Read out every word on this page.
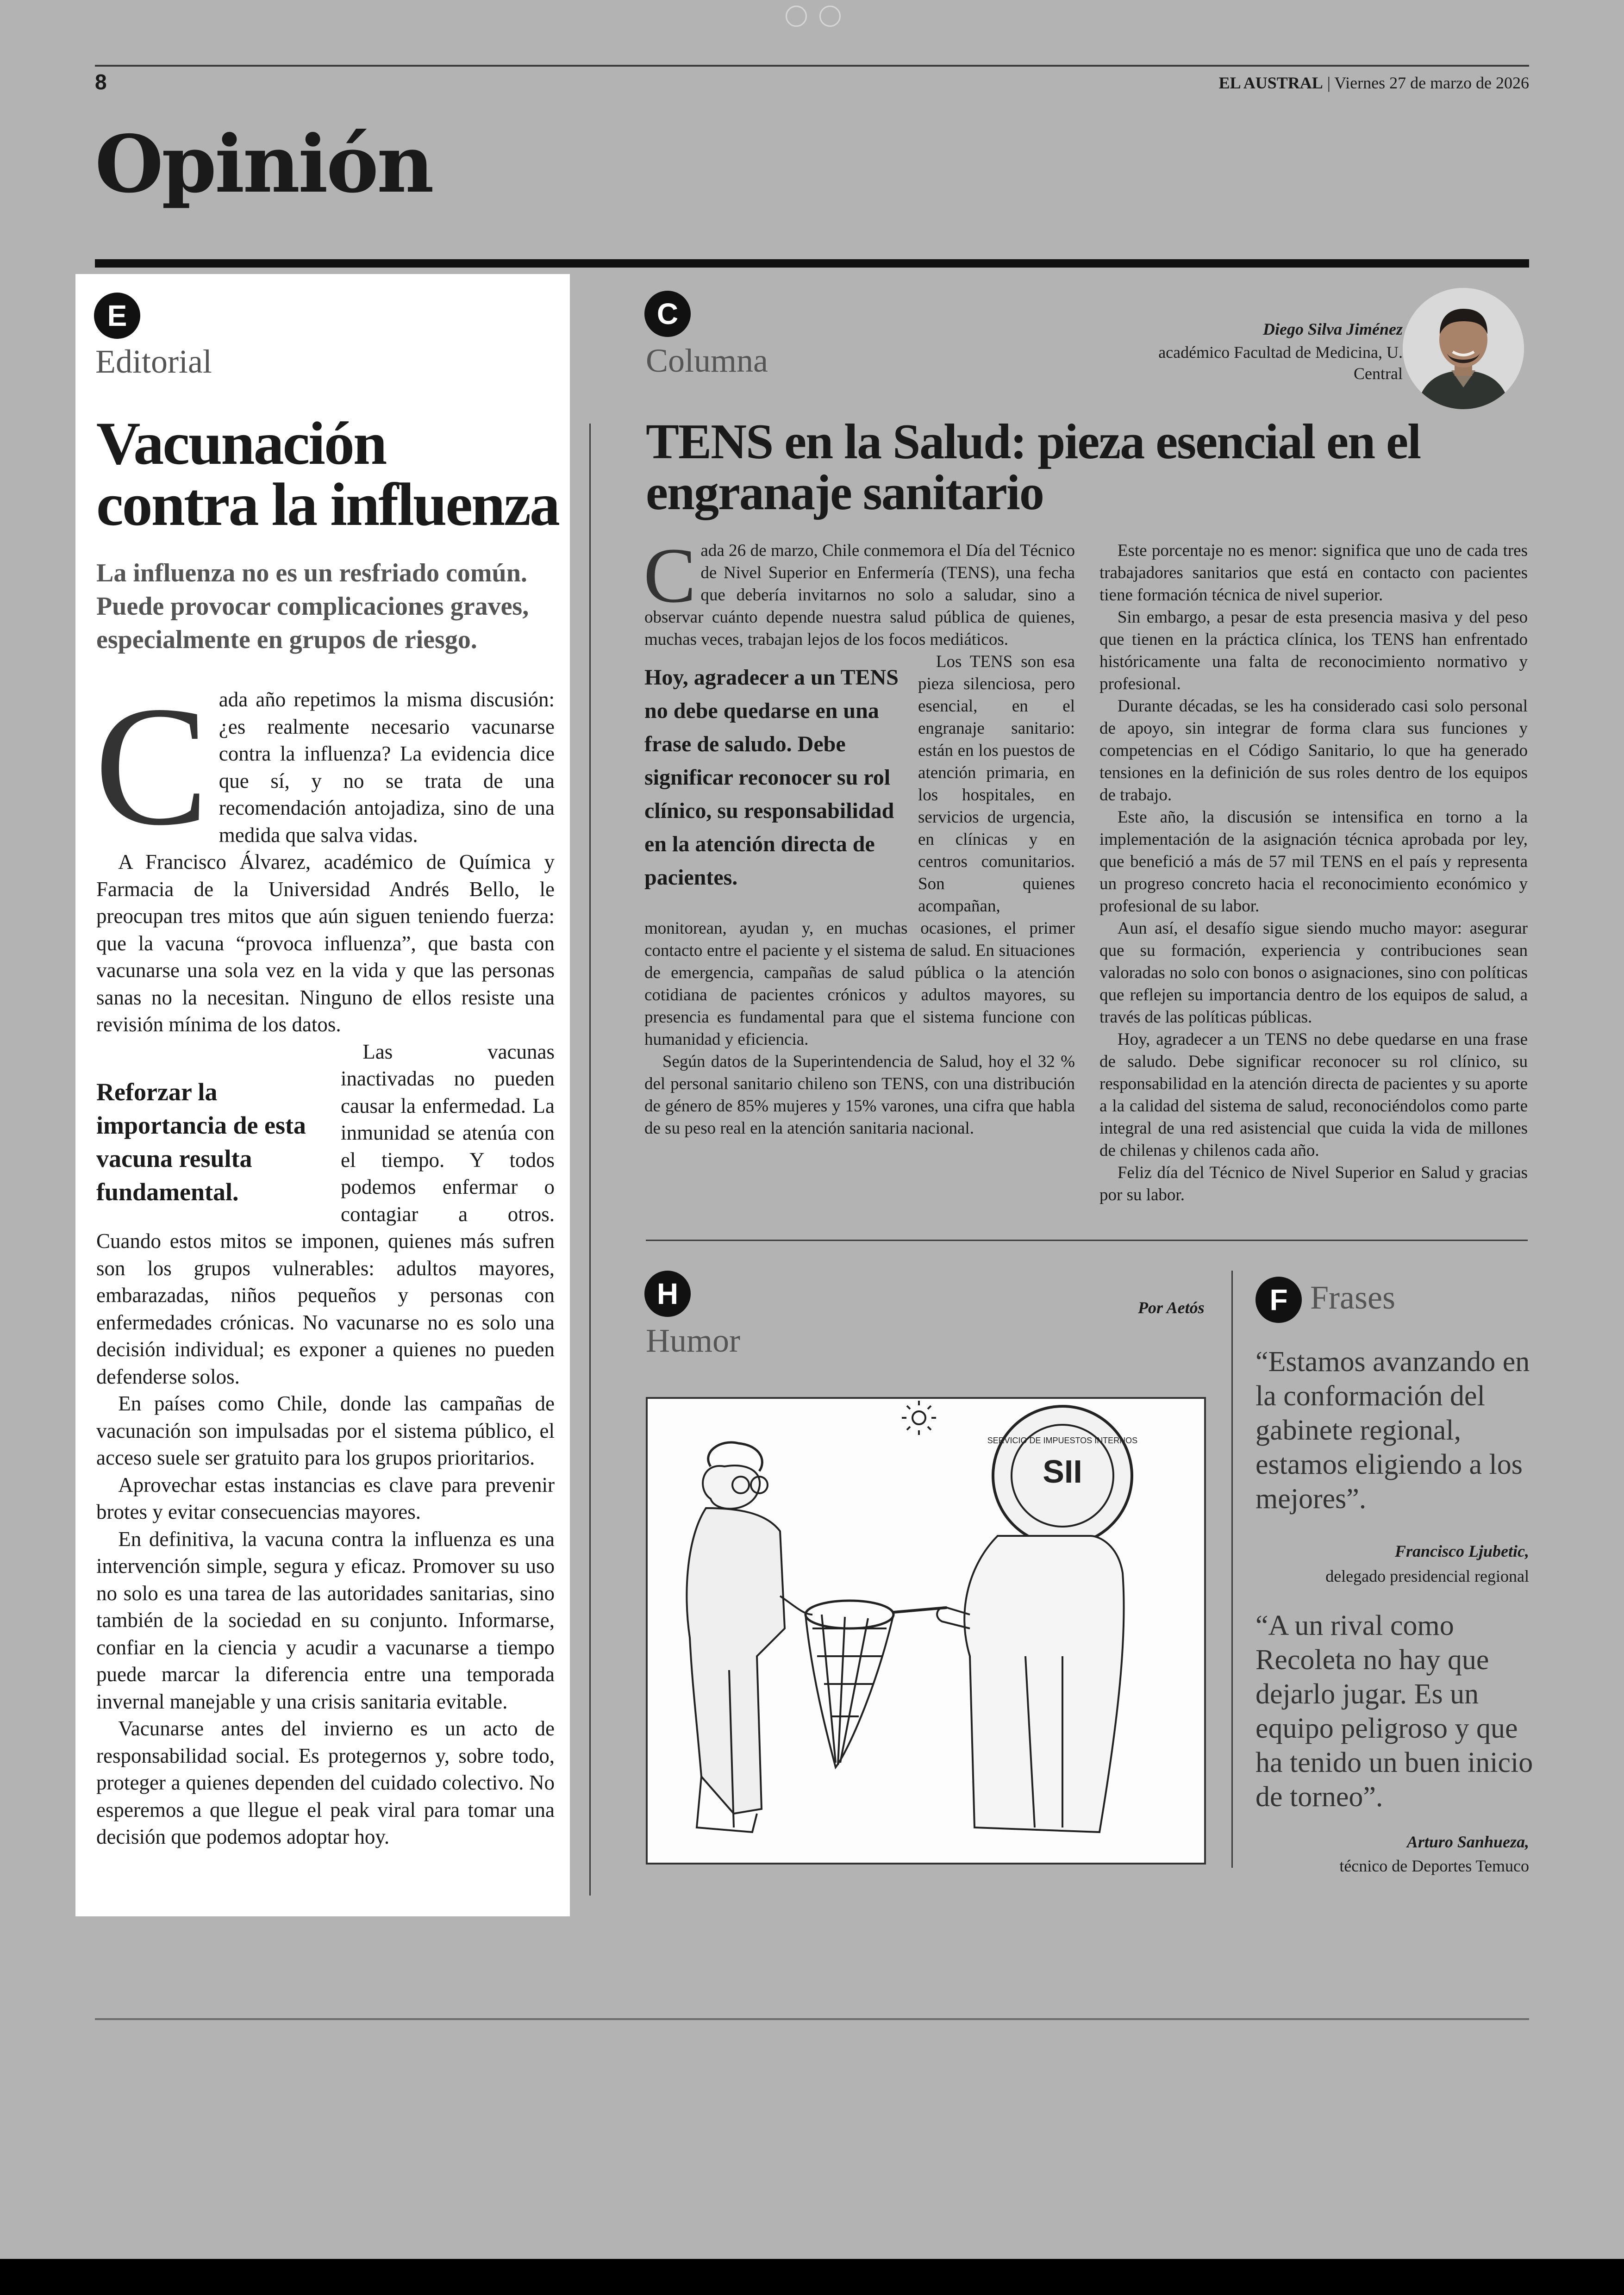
8	EL AUSTRAL | Viernes 27 de marzo de 2026
Opinión
E
Editorial
Vacunación contra la influenza

La influenza no es un resfriado común. Puede provocar complicaciones graves, especialmente en grupos de riesgo.

C ada año repetimos la misma discusión: ¿es realmente necesario vacunarse contra la influenza? La evidencia dice que sí, y no se trata de una recomendación antojadiza, sino de una medida que salva vidas.

A Francisco Álvarez, académico de Química y Farmacia de la Universidad Andrés Bello, le preocupan tres mitos que aún siguen teniendo fuerza: que la vacuna “provoca influenza”, que basta con vacunarse una sola vez en la vida y que las personas sanas no la necesitan. Ninguno de ellos resiste una revisión mínima de los datos.

Reforzar la importancia de esta vacuna resulta fundamental.

Las vacunas inactivadas no pueden causar la enfermedad. La inmunidad se atenúa con el tiempo. Y todos podemos enfermar o contagiar a otros. Cuando estos mitos se imponen, quienes más sufren son los grupos vulnerables: adultos mayores, embarazadas, niños pequeños y personas con enfermedades crónicas. No vacunarse no es solo una decisión individual; es exponer a quienes no pueden defenderse solos.

En países como Chile, donde las campañas de vacunación son impulsadas por el sistema público, el acceso suele ser gratuito para los grupos prioritarios.

Aprovechar estas instancias es clave para prevenir brotes y evitar consecuencias mayores.

En definitiva, la vacuna contra la influenza es una intervención simple, segura y eficaz. Promover su uso no solo es una tarea de las autoridades sanitarias, sino también de la sociedad en su conjunto. Informarse, confiar en la ciencia y acudir a vacunarse a tiempo puede marcar la diferencia entre una temporada invernal manejable y una crisis sanitaria evitable.

Vacunarse antes del invierno es un acto de responsabilidad social. Es protegernos y, sobre todo, proteger a quienes dependen del cuidado colectivo. No esperemos a que llegue el peak viral para tomar una decisión que podemos adoptar hoy.

C
Columna
Diego Silva Jiménez
académico Facultad de Medicina, U. Central
TENS en la Salud: pieza esencial en el engranaje sanitario
C ada 26 de marzo, Chile conmemora el Día del Técnico de Nivel Superior en Enfermería (TENS), una fecha que debería invitarnos no solo a saludar, sino a observar cuánto depende nuestra salud pública de quienes, muchas veces, trabajan lejos de los focos mediáticos.

Hoy, agradecer a un TENS no debe quedarse en una frase de saludo. Debe significar reconocer su rol clínico, su responsabilidad en la atención directa de pacientes.

Los TENS son esa pieza silenciosa, pero esencial, en el engranaje sanitario: están en los puestos de atención primaria, en los hospitales, en servicios de urgencia, en clínicas y en centros comunitarios. Son quienes acompañan, monitorean, ayudan y, en muchas ocasiones, el primer contacto entre el paciente y el sistema de salud. En situaciones de emergencia, campañas de salud pública o la atención cotidiana de pacientes crónicos y adultos mayores, su presencia es fundamental para que el sistema funcione con humanidad y eficiencia.

Según datos de la Superintendencia de Salud, hoy el 32 % del personal sanitario chileno son TENS, con una distribución de género de 85% mujeres y 15% varones, una cifra que habla de su peso real en la atención sanitaria nacional.

Este porcentaje no es menor: significa que uno de cada tres trabajadores sanitarios que está en contacto con pacientes tiene formación técnica de nivel superior.

Sin embargo, a pesar de esta presencia masiva y del peso que tienen en la práctica clínica, los TENS han enfrentado históricamente una falta de reconocimiento normativo y profesional.

Durante décadas, se les ha considerado casi solo personal de apoyo, sin integrar de forma clara sus funciones y competencias en el Código Sanitario, lo que ha generado tensiones en la definición de sus roles dentro de los equipos de trabajo.

Este año, la discusión se intensifica en torno a la implementación de la asignación técnica aprobada por ley, que benefició a más de 57 mil TENS en el país y representa un progreso concreto hacia el reconocimiento económico y profesional de su labor.

Aun así, el desafío sigue siendo mucho mayor: asegurar que su formación, experiencia y contribuciones sean valoradas no solo con bonos o asignaciones, sino con políticas que reflejen su importancia dentro de los equipos de salud, a través de las políticas públicas.

Hoy, agradecer a un TENS no debe quedarse en una frase de saludo. Debe significar reconocer su rol clínico, su responsabilidad en la atención directa de pacientes y su aporte a la calidad del sistema de salud, reconociéndolos como parte integral de una red asistencial que cuida la vida de millones de chilenas y chilenos cada año.

Feliz día del Técnico de Nivel Superior en Salud y gracias por su labor.

H
Humor
Por Aetós
SII
SERVICIO DE IMPUESTOS INTERNOS
F Frases

“Estamos avanzando en la conformación del gabinete regional, estamos eligiendo a los mejores”.

Francisco Ljubetic,
delegado presidencial regional

“A un rival como Recoleta no hay que dejarlo jugar. Es un equipo peligroso y que ha tenido un buen inicio de torneo”.

Arturo Sanhueza,
técnico de Deportes Temuco
